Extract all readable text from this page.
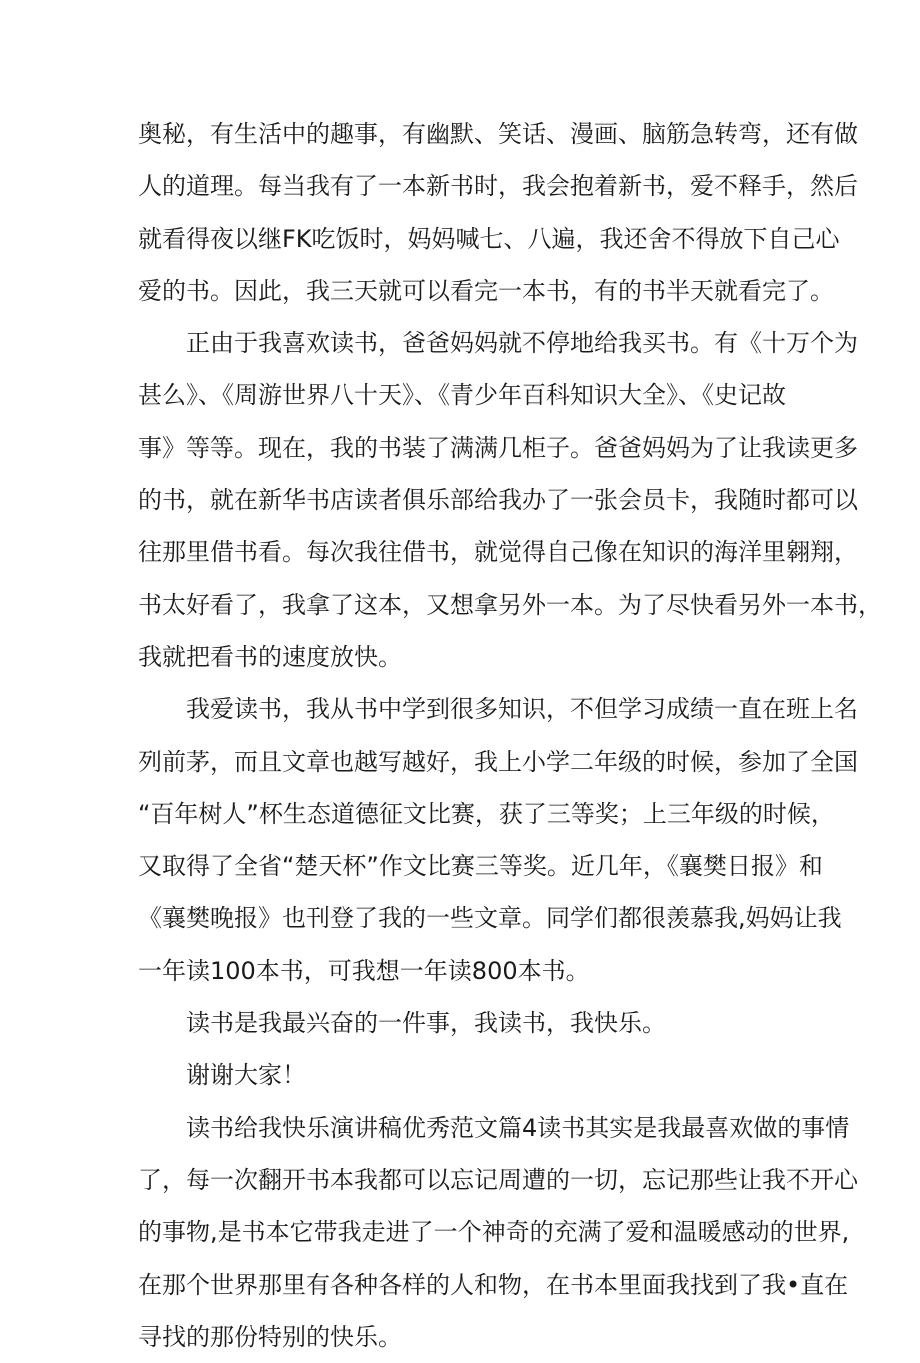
奥秘，有生活中的趣事，有幽默、笑话、漫画、脑筋急转弯，还有做
人的道理。每当我有了一本新书时，我会抱着新书，爱不释手，然后
就看得夜以继FK吃饭时，妈妈喊七、八遍，我还舍不得放下自己心
爱的书。因此，我三天就可以看完一本书，有的书半天就看完了。
正由于我喜欢读书，爸爸妈妈就不停地给我买书。有《十万个为
甚么》、《周游世界八十天》、《青少年百科知识大全》、《史记故
事》等等。现在，我的书装了满满几柜子。爸爸妈妈为了让我读更多
的书，就在新华书店读者俱乐部给我办了一张会员卡，我随时都可以
往那里借书看。每次我往借书，就觉得自己像在知识的海洋里翱翔，
书太好看了，我拿了这本，又想拿另外一本。为了尽快看另外一本书，
我就把看书的速度放快。
我爱读书，我从书中学到很多知识，不但学习成绩一直在班上名
列前茅，而且文章也越写越好，我上小学二年级的时候，参加了全国
“百年树人”杯生态道德征文比赛，获了三等奖；上三年级的时候，
又取得了全省“楚天杯”作文比赛三等奖。近几年，《襄樊日报》和
《襄樊晚报》也刊登了我的一些文章。同学们都很羡慕我,妈妈让我
一年读100本书，可我想一年读800本书。
读书是我最兴奋的一件事，我读书，我快乐。
谢谢大家！
读书给我快乐演讲稿优秀范文篇4读书其实是我最喜欢做的事情
了，每一次翻开书本我都可以忘记周遭的一切，忘记那些让我不开心
的事物,是书本它带我走进了一个神奇的充满了爱和温暖感动的世界,
在那个世界那里有各种各样的人和物，在书本里面我找到了我•直在
寻找的那份特别的快乐。
